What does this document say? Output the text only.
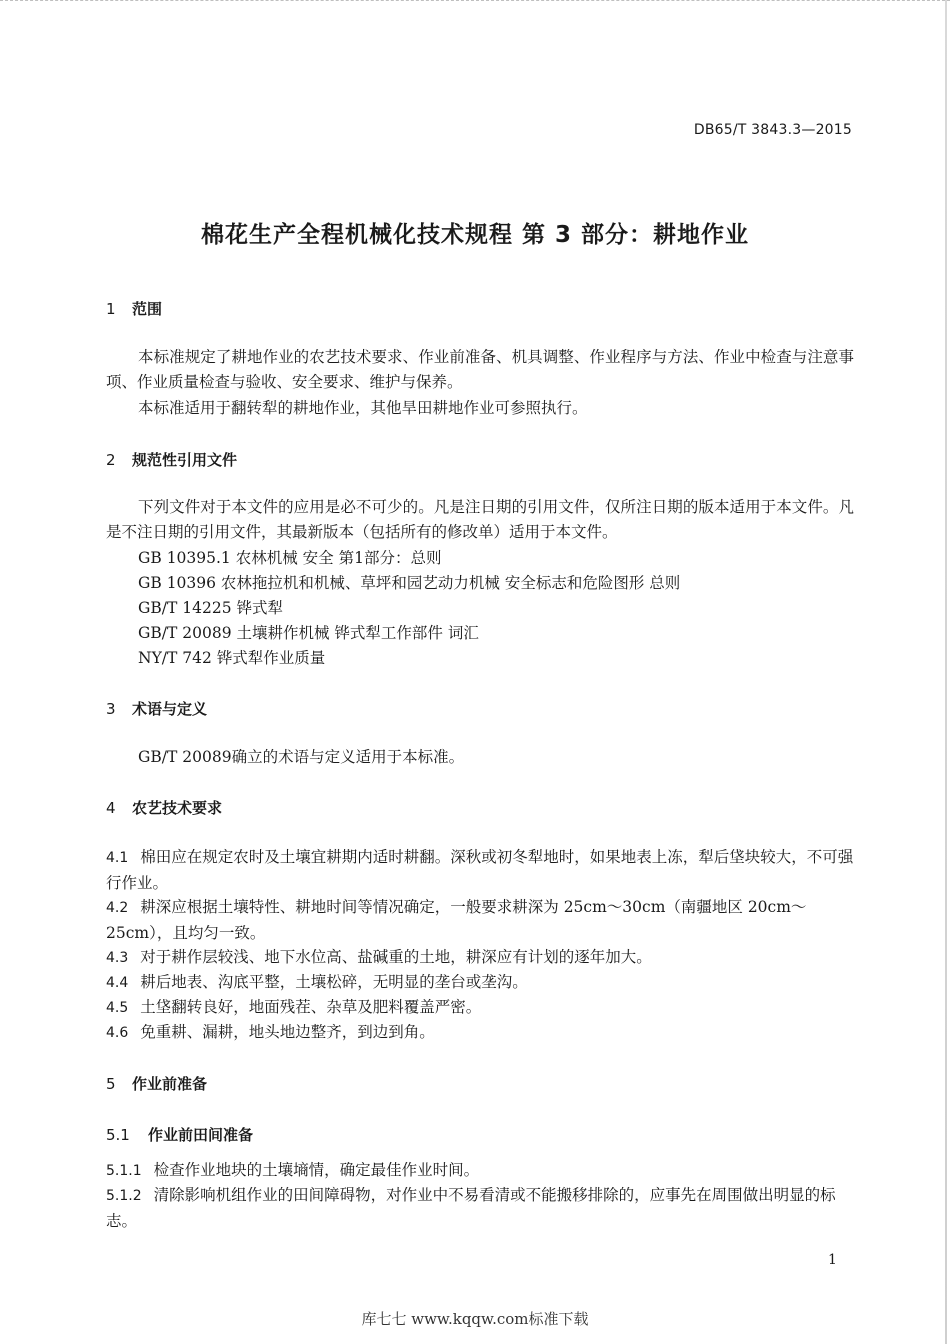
DB65/T 3843.3—2015
棉花生产全程机械化技术规程 第 3 部分：耕地作业
1 范围
本标准规定了耕地作业的农艺技术要求、作业前准备、机具调整、作业程序与方法、作业中检查与注意事项、作业质量检查与验收、安全要求、维护与保养。
本标准适用于翻转犁的耕地作业，其他旱田耕地作业可参照执行。
2 规范性引用文件
下列文件对于本文件的应用是必不可少的。凡是注日期的引用文件，仅所注日期的版本适用于本文件。凡是不注日期的引用文件，其最新版本（包括所有的修改单）适用于本文件。
GB 10395.1 农林机械 安全 第1部分：总则
GB 10396 农林拖拉机和机械、草坪和园艺动力机械 安全标志和危险图形 总则
GB/T 14225 铧式犁
GB/T 20089 土壤耕作机械 铧式犁工作部件 词汇
NY/T 742 铧式犁作业质量
3 术语与定义
GB/T 20089确立的术语与定义适用于本标准。
4 农艺技术要求
4.1 棉田应在规定农时及土壤宜耕期内适时耕翻。深秋或初冬犁地时，如果地表上冻，犁后垡块较大，不可强行作业。
4.2 耕深应根据土壤特性、耕地时间等情况确定，一般要求耕深为 25cm～30cm（南疆地区 20cm～25cm），且均匀一致。
4.3 对于耕作层较浅、地下水位高、盐碱重的土地，耕深应有计划的逐年加大。
4.4 耕后地表、沟底平整，土壤松碎，无明显的垄台或垄沟。
4.5 土垡翻转良好，地面残茬、杂草及肥料覆盖严密。
4.6 免重耕、漏耕，地头地边整齐，到边到角。
5 作业前准备
5.1 作业前田间准备
5.1.1 检查作业地块的土壤墒情，确定最佳作业时间。
5.1.2 清除影响机组作业的田间障碍物，对作业中不易看清或不能搬移排除的，应事先在周围做出明显的标志。
1
库七七 www.kqqw.com标准下载
